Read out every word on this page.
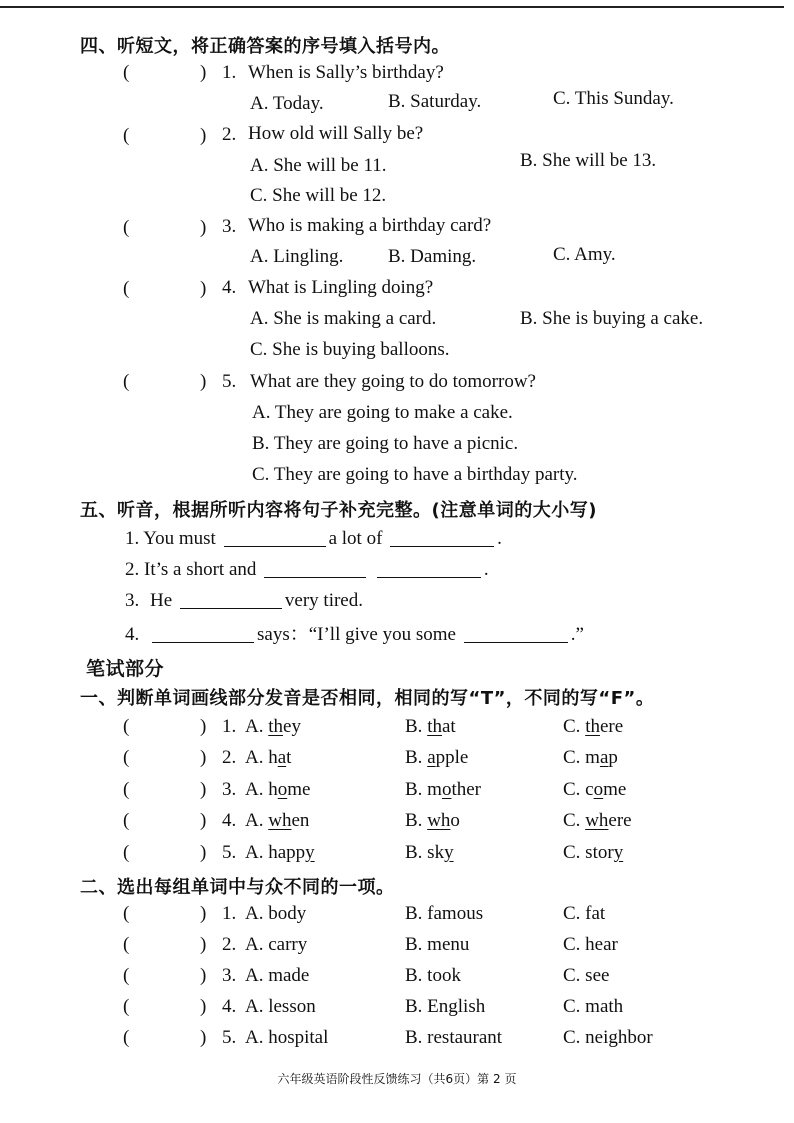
四、听短文，将正确答案的序号填入括号内。
(	) 1. When is Sally’s birthday?
A. Today.	B. Saturday.	C. This Sunday.
(	) 2. How old will Sally be?
A. She will be 11.	B. She will be 13.
C. She will be 12.
(	) 3. Who is making a birthday card?
A. Lingling. B. Daming.	C. Amy.
(	) 4. What is Lingling doing?
A. She is making a card.	B. She is buying a cake.
C. She is buying balloons.
(	) 5. What are they going to do tomorrow?
A. They are going to make a cake.
B. They are going to have a picnic.
C. They are going to have a birthday party.
五、听音，根据所听内容将句子补充完整。(注意单词的大小写)
1. You must	a lot of	.
2. It’s a short and	.
3. He	very tired.
4.	says：“I’ll give you some	.”
笔试部分
一、判断单词画线部分发音是否相同，相同的写“T”，不同的写“F”。
(	) 1. A. they	B. that	C. there
(	) 2. A. hat	B. apple	C. map
(	) 3. A. home	B. mother	C. come
(	) 4. A. when	B. who	C. where
(	) 5. A. happy	B. sky	C. story
二、选出每组单词中与众不同的一项。
(	) 1. A. body	B. famous	C. fat
(	) 2. A. carry	B. menu	C. hear
(	) 3. A. made	B. took	C. see
(	) 4. A. lesson	B. English	C. math
(	) 5. A. hospital	B. restaurant	C. neighbor
六年级英语阶段性反馈练习（共6页）第 2 页
